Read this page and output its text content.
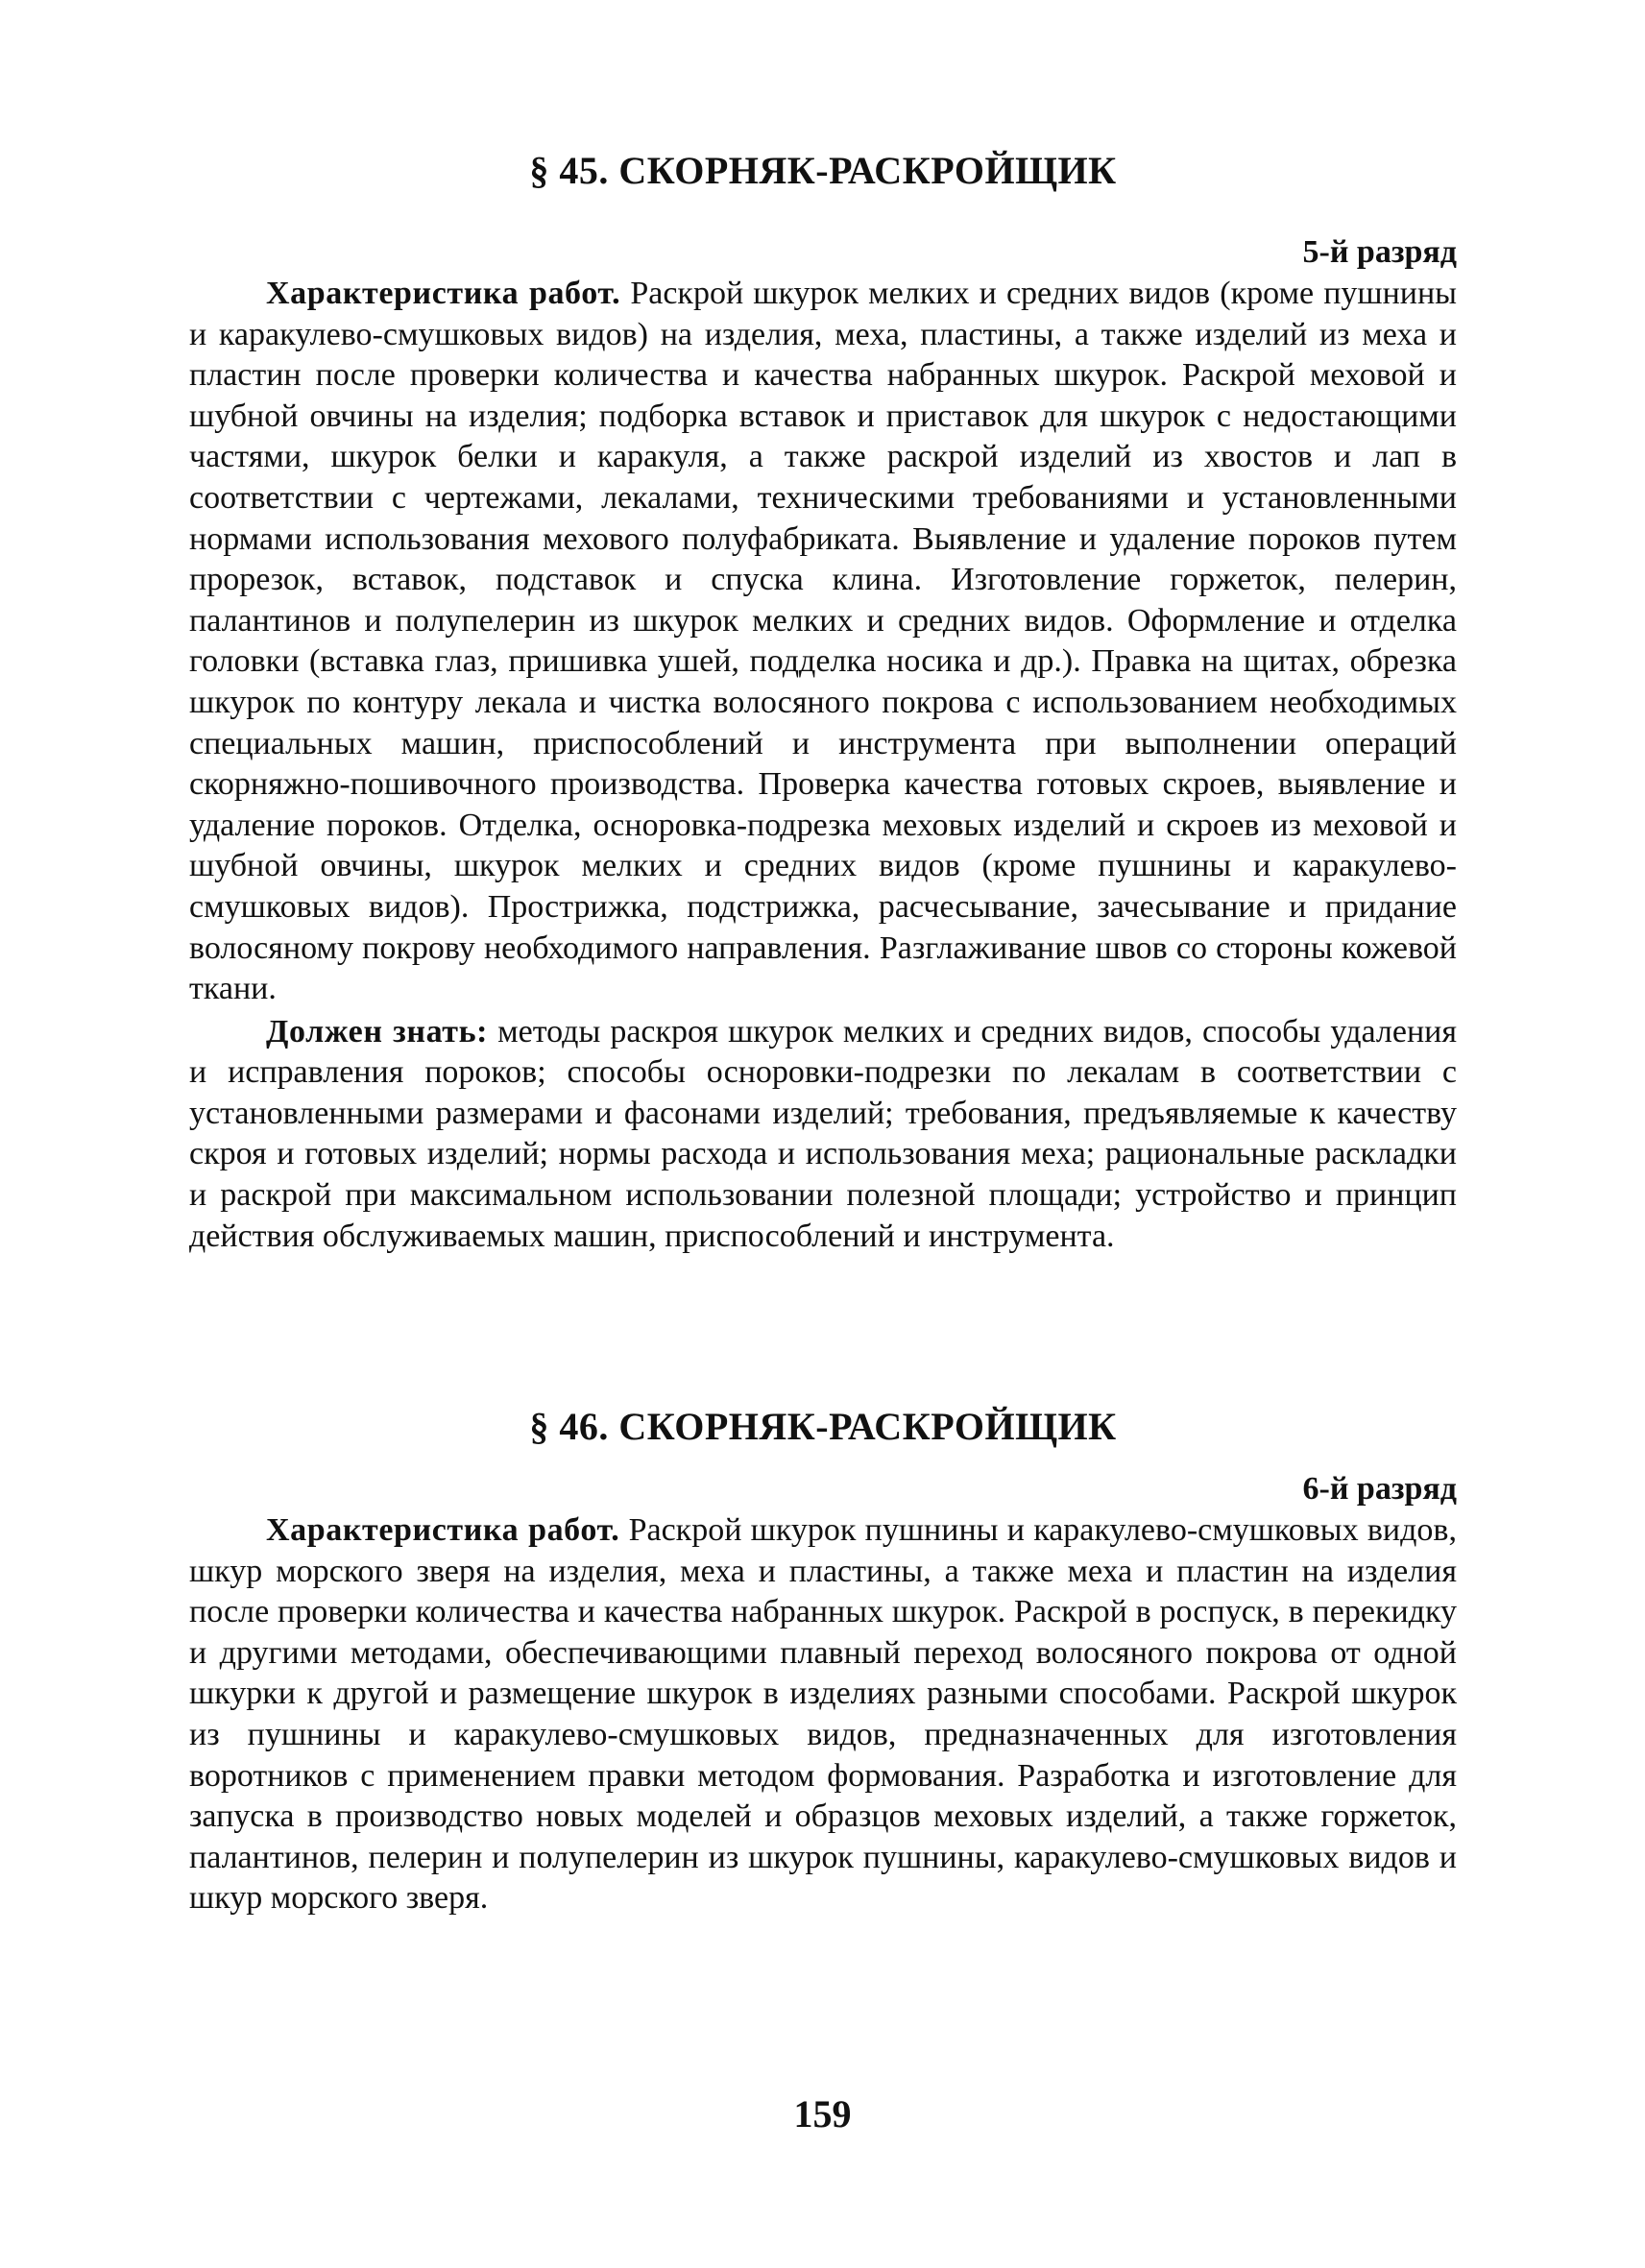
§ 45. СКОРНЯК-РАСКРОЙЩИК
5-й разряд

Характеристика работ. Раскрой шкурок мелких и средних видов (кроме пушнины и каракулево-смушковых видов) на изделия, меха, пластины, а также изделий из меха и пластин после проверки количества и качества набранных шкурок. Раскрой меховой и шубной овчины на изделия; подборка вставок и приставок для шкурок с недостающими частями, шкурок белки и каракуля, а также раскрой изделий из хвостов и лап в соответствии с чертежами, лекалами, техническими требованиями и установленными нормами использования мехового полуфабриката. Выявление и удаление пороков путем прорезок, вставок, подставок и спуска клина. Изготовление горжеток, пелерин, палантинов и полупелерин из шкурок мелких и средних видов. Оформление и отделка головки (вставка глаз, пришивка ушей, подделка носика и др.). Правка на щитах, обрезка шкурок по контуру лекала и чистка волосяного покрова с использованием необходимых специальных машин, приспособлений и инструмента при выполнении операций скорняжно-пошивочного производства. Проверка качества готовых скроев, выявление и удаление пороков. Отделка, осноровка-подрезка меховых изделий и скроев из меховой и шубной овчины, шкурок мелких и средних видов (кроме пушнины и каракулево-смушковых видов). Прострижка, подстрижка, расчесывание, зачесывание и придание волосяному покрову необходимого направления. Разглаживание швов со стороны кожевой ткани.

Должен знать: методы раскроя шкурок мелких и средних видов, способы удаления и исправления пороков; способы осноровки-подрезки по лекалам в соответствии с установленными размерами и фасонами изделий; требования, предъявляемые к качеству скроя и готовых изделий; нормы расхода и использования меха; рациональные раскладки и раскрой при максимальном использовании полезной площади; устройство и принцип действия обслуживаемых машин, приспособлений и инструмента.

§ 46. СКОРНЯК-РАСКРОЙЩИК
6-й разряд

Характеристика работ. Раскрой шкурок пушнины и каракулево-смушковых видов, шкур морского зверя на изделия, меха и пластины, а также меха и пластин на изделия после проверки количества и качества набранных шкурок. Раскрой в роспуск, в перекидку и другими методами, обеспечивающими плавный переход волосяного покрова от одной шкурки к другой и размещение шкурок в изделиях разными способами. Раскрой шкурок из пушнины и каракулево-смушковых видов, предназначенных для изготовления воротников с применением правки методом формования. Разработка и изготовление для запуска в производство новых моделей и образцов меховых изделий, а также горжеток, палантинов, пелерин и полупелерин из шкурок пушнины, каракулево-смушковых видов и шкур морского зверя.

159
